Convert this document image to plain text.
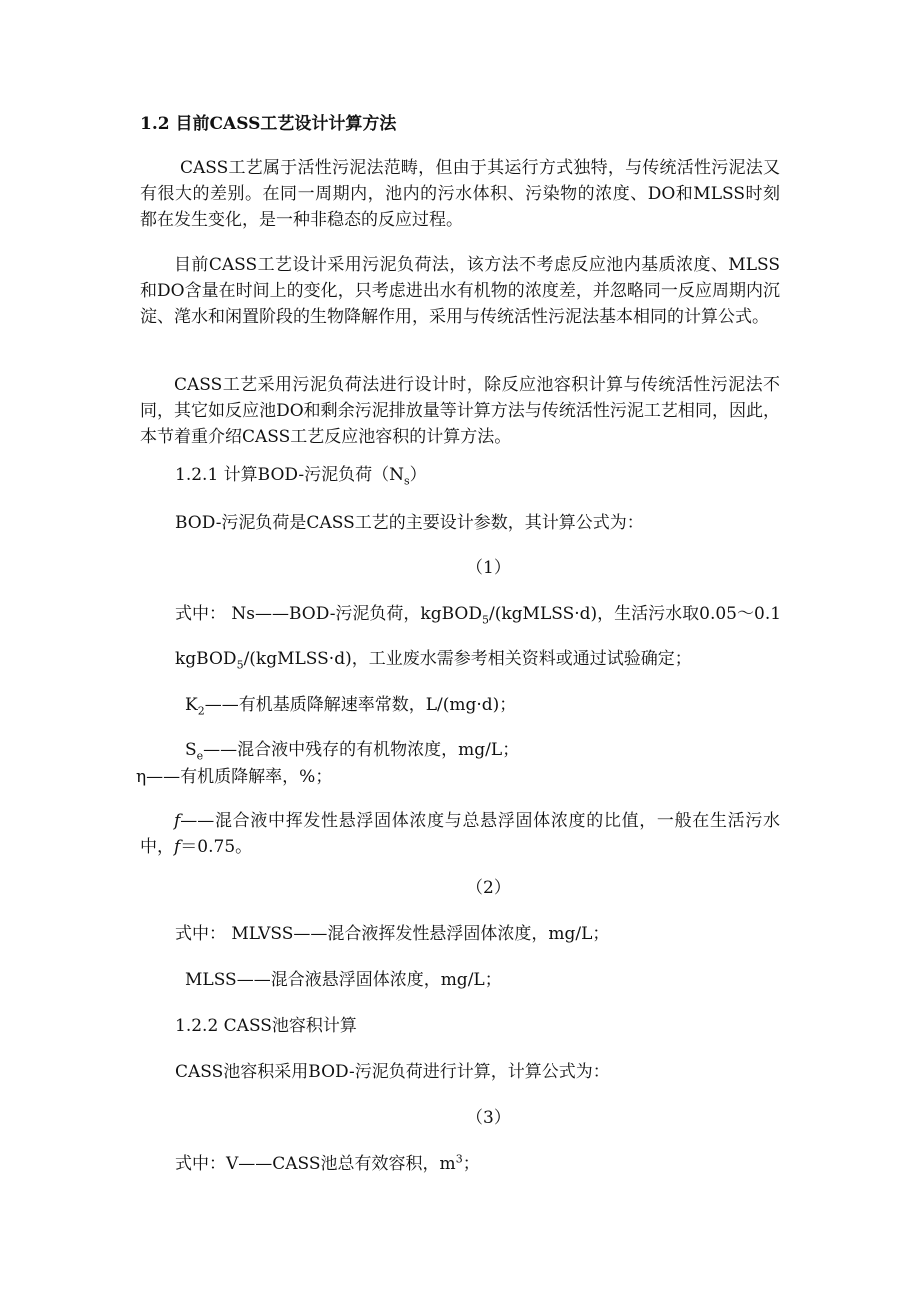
1.2 目前CASS工艺设计计算方法
CASS工艺属于活性污泥法范畴，但由于其运行方式独特，与传统活性污泥法又有很大的差别。在同一周期内，池内的污水体积、污染物的浓度、DO和MLSS时刻都在发生变化，是一种非稳态的反应过程。
目前CASS工艺设计采用污泥负荷法，该方法不考虑反应池内基质浓度、MLSS和DO含量在时间上的变化，只考虑进出水有机物的浓度差，并忽略同一反应周期内沉淀、滗水和闲置阶段的生物降解作用，采用与传统活性污泥法基本相同的计算公式。
CASS工艺采用污泥负荷法进行设计时，除反应池容积计算与传统活性污泥法不同，其它如反应池DO和剩余污泥排放量等计算方法与传统活性污泥工艺相同，因此，本节着重介绍CASS工艺反应池容积的计算方法。
1.2.1 计算BOD-污泥负荷$(N_s)$
BOD-污泥负荷是CASS工艺的主要设计参数，其计算公式为：
（1）
式中： Ns——BOD-污泥负荷，kgBOD$_5$/(kgMLSS·d)，生活污水取0.05～0.1
kgBOD$_5$/(kgMLSS·d)，工业废水需参考相关资料或通过试验确定；
$K_2——$有机基质降解速率常数，L/(mg·d)；
$S_e——$混合液中残存的有机物浓度，mg/L；
η——有机质降解率，%；
f——混合液中挥发性悬浮固体浓度与总悬浮固体浓度的比值，一般在生活污水中，f＝0.75。
（2）
式中： MLVSS——混合液挥发性悬浮固体浓度，mg/L；
MLSS——混合液悬浮固体浓度，mg/L；
1.2.2 CASS池容积计算
CASS池容积采用BOD-污泥负荷进行计算，计算公式为：
（3）
式中：V——CASS池总有效容积，$m^3$；
